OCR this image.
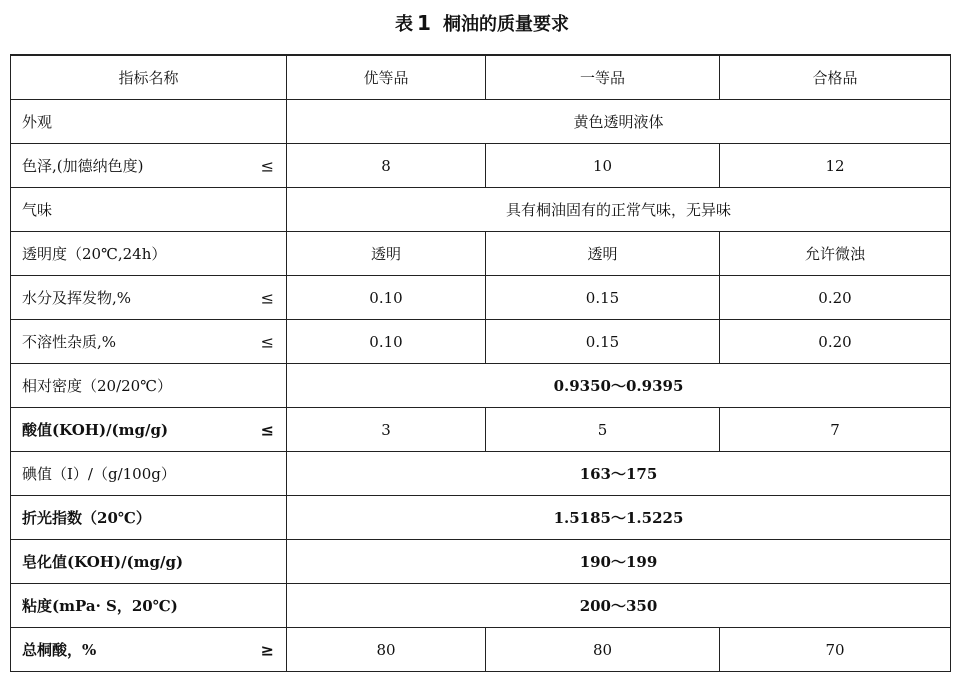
表 1 桐油的质量要求
指标名称	优等品	一等品	合格品
外观	黄色透明液体		
色泽,(加德纳色度) ≤	8	10	12
气味	具有桐油固有的正常气味，无异味		
透明度（20℃,24h）	透明	透明	允许微浊
水分及挥发物,% ≤	0.10	0.15	0.20
不溶性杂质,% ≤	0.10	0.15	0.20
相对密度（20/20℃）	0.9350～0.9395		
酸值(KOH)/(mg/g) ≤	3	5	7
碘值（I）/（g/100g）	163～175		
折光指数（20℃）	1.5185～1.5225		
皂化值(KOH)/(mg/g)	190～199		
粘度(mPa· S，20℃)	200～350		
总桐酸，% ≥	80	80	70
